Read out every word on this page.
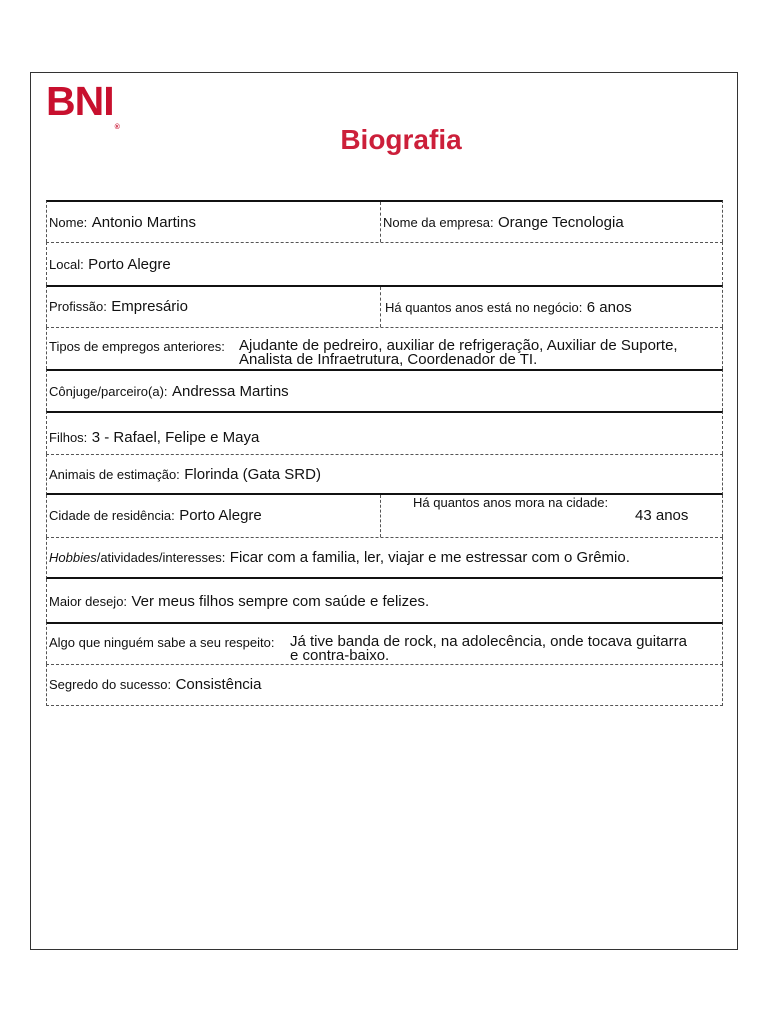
BNI®	Biografia
Nome: Antonio Martins	Nome da empresa: Orange Tecnologia
Local: Porto Alegre
Profissão: Empresário	Há quantos anos está no negócio: 6 anos
Tipos de empregos anteriores: Ajudante de pedreiro, auxiliar de refrigeração, Auxiliar de Suporte,
Analista de Infraetrutura, Coordenador de TI.
Cônjuge/parceiro(a): Andressa Martins
Filhos: 3 - Rafael, Felipe e Maya
Animais de estimação: Florinda (Gata SRD)
Cidade de residência: Porto Alegre
Há quantos anos mora na cidade:
43 anos
Hobbies/atividades/interesses: Ficar com a familia, ler, viajar e me estressar com o Grêmio.
Maior desejo: Ver meus filhos sempre com saúde e felizes.
Algo que ninguém sabe a seu respeito: Já tive banda de rock, na adolecência, onde tocava guitarra
e contra-baixo.
Segredo do sucesso: Consistência
